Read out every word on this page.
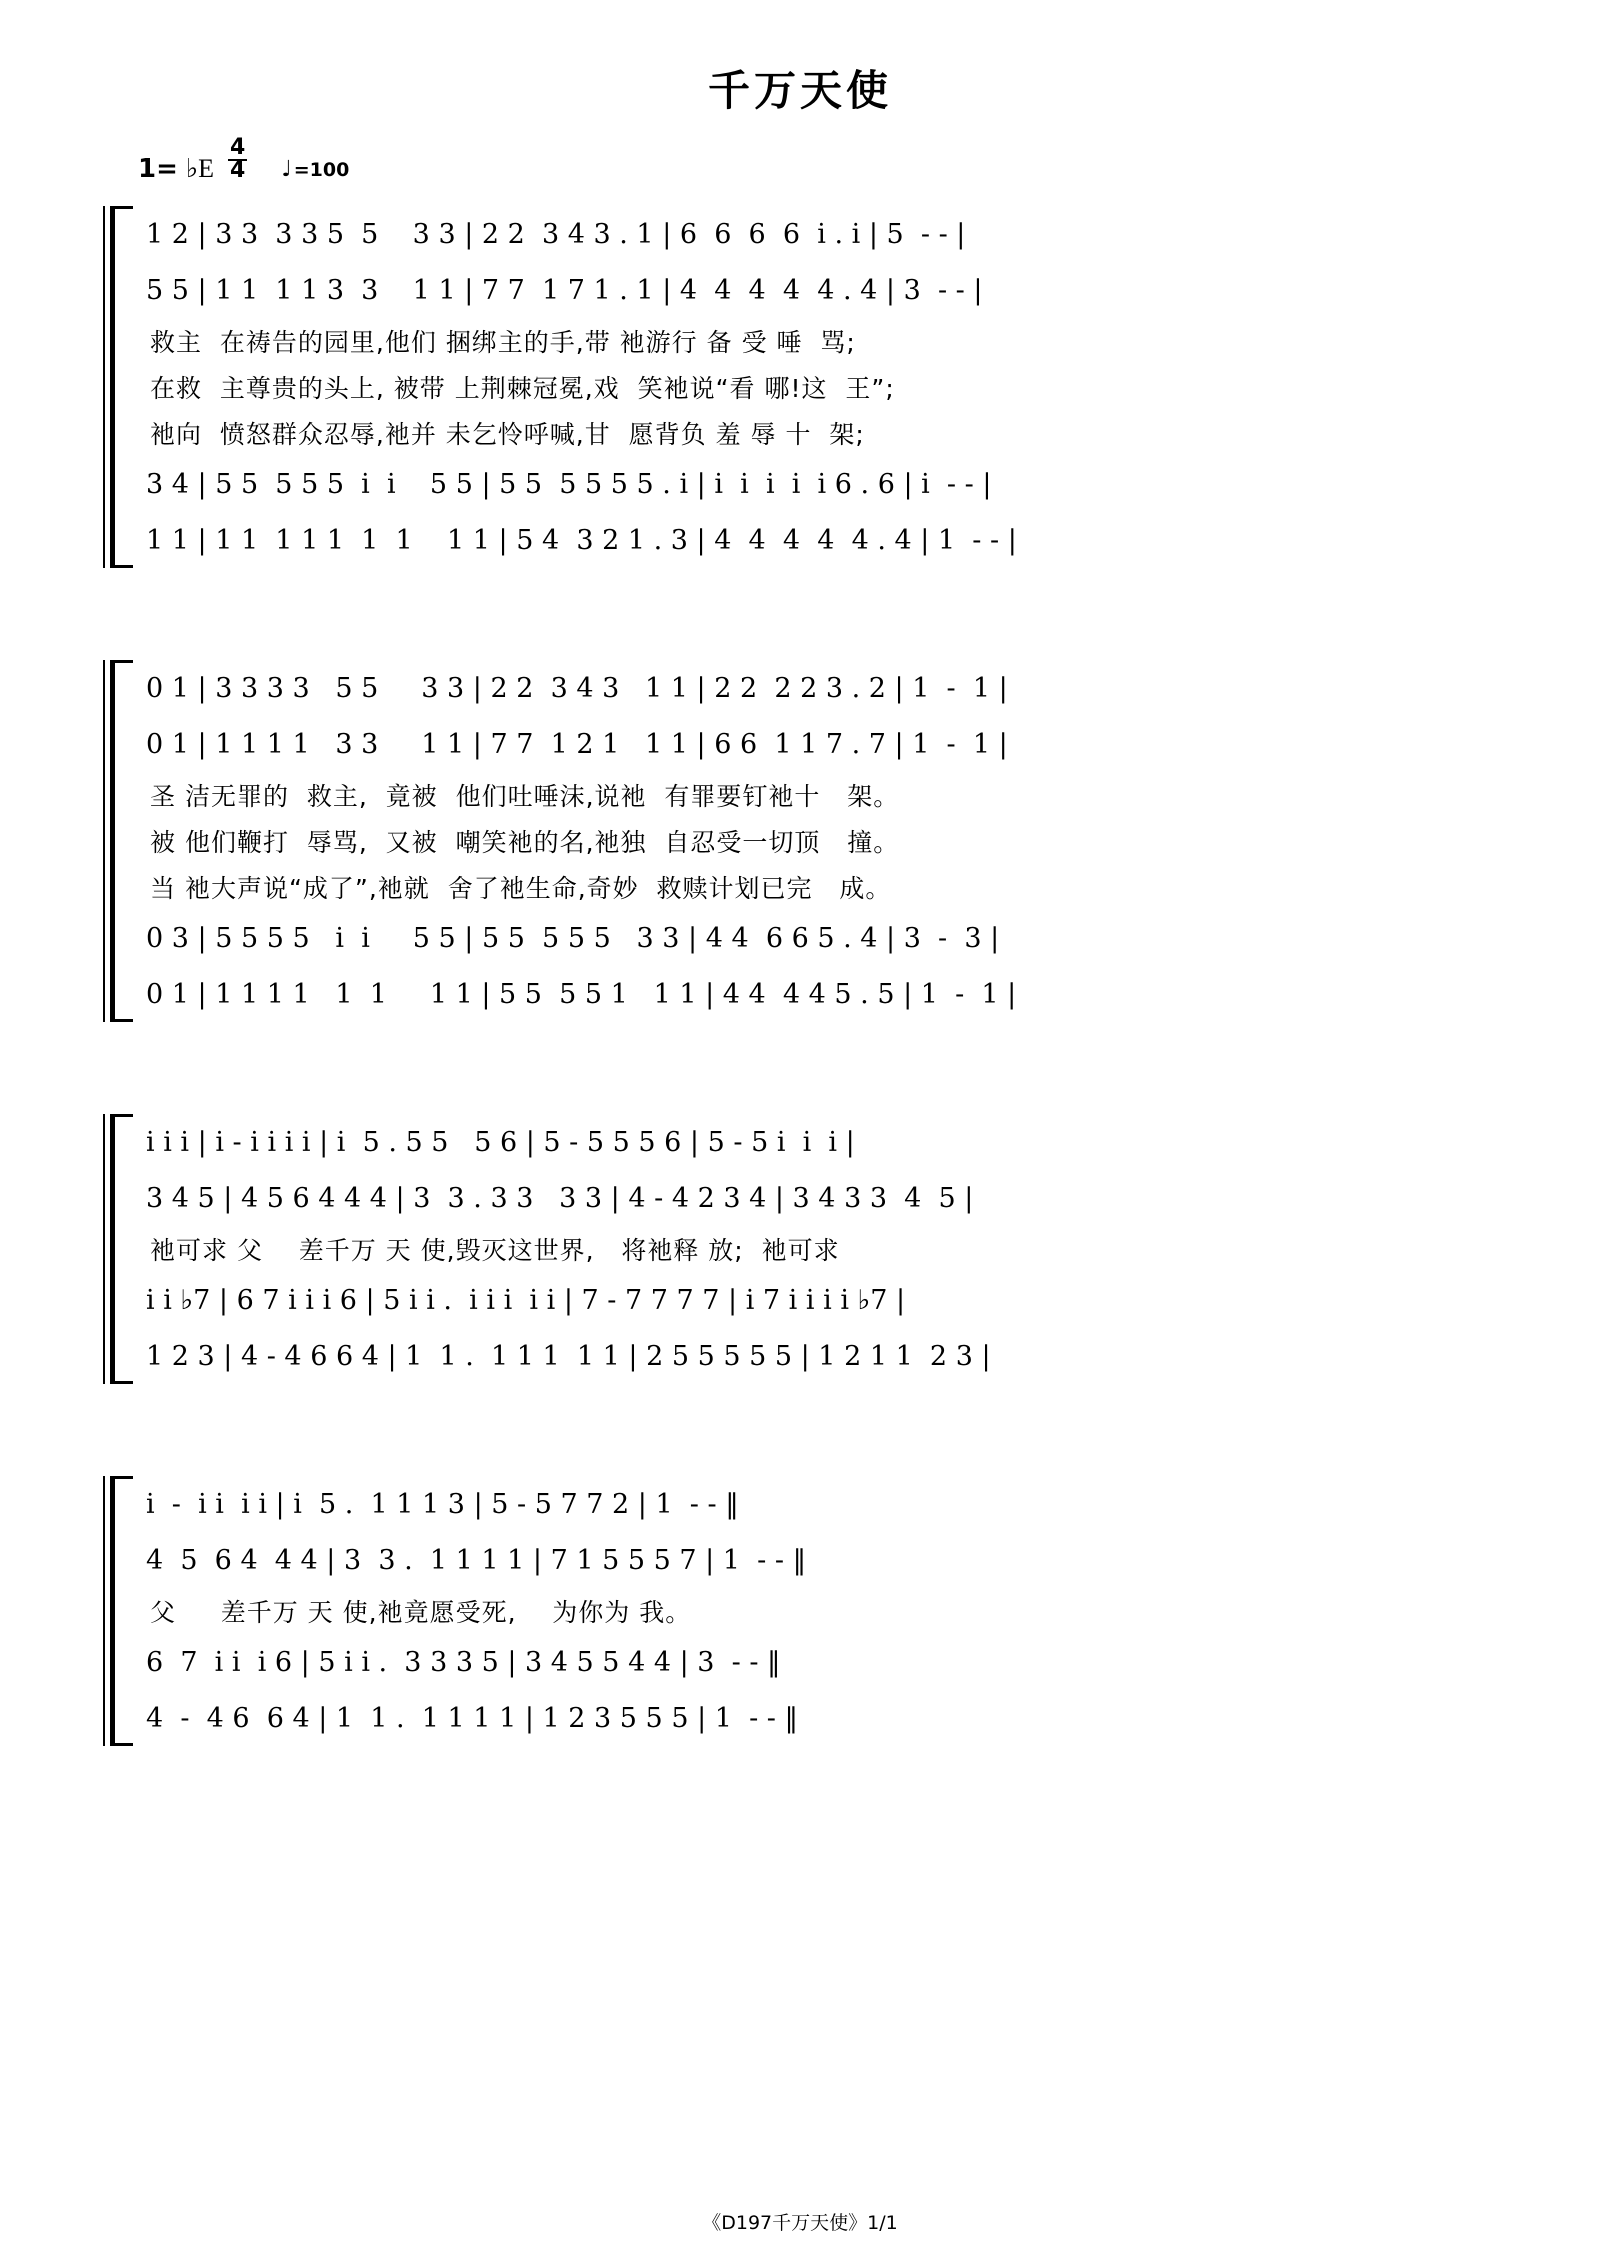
千万天使
1= ♭E $\frac{4}{4}$ ♩ =100
1 2 | 3 3  3 3 5  5    3 3 | 2 2  3 4 3 . 1 | 6  6  6  6  i . i | 5  - - |
5 5 | 1 1  1 1 3  3    1 1 | 7 7  1 7 1 . 1 | 4  4  4  4  4 . 4 | 3  - - |
救主  在祷告的园里,他们 捆绑主的手,带 衪游行 备 受 唾  骂;
在救  主尊贵的头上, 被带 上荆棘冠冕,戏  笑衪说“看 哪!这  王”;
衪向  愤怒群众忍辱,衪并 未乞怜呼喊,甘  愿背负 羞 辱 十  架;
3 4 | 5 5  5 5 5  i  i    5 5 | 5 5  5 5 5 5 . i | i  i  i  i  i 6 . 6 | i  - - |
1 1 | 1 1  1 1 1  1  1    1 1 | 5 4  3 2 1 . 3 | 4  4  4  4  4 . 4 | 1  - - |
0 1 | 3 3 3 3   5 5     3 3 | 2 2  3 4 3   1 1 | 2 2  2 2 3 . 2 | 1  -  1 |
0 1 | 1 1 1 1   3 3     1 1 | 7 7  1 2 1   1 1 | 6 6  1 1 7 . 7 | 1  -  1 |
圣 洁无罪的  救主,  竟被  他们吐唾沫,说衪  有罪要钉衪十   架。
被 他们鞭打  辱骂,  又被  嘲笑衪的名,衪独  自忍受一切顶   撞。
当 衪大声说“成了”,衪就  舍了衪生命,奇妙  救赎计划已完   成。
0 3 | 5 5 5 5   i  i     5 5 | 5 5  5 5 5   3 3 | 4 4  6 6 5 . 4 | 3  -  3 |
0 1 | 1 1 1 1   1  1     1 1 | 5 5  5 5 1   1 1 | 4 4  4 4 5 . 5 | 1  -  1 |
i i i | i - i i i i | i  5 . 5 5   5 6 | 5 - 5 5 5 6 | 5 - 5 i  i  i |
3 4 5 | 4 5 6 4 4 4 | 3  3 . 3 3   3 3 | 4 - 4 2 3 4 | 3 4 3 3  4  5 |
衪可求 父    差千万 天 使,毁灭这世界,   将衪释 放;  衪可求
i i ♭7 | 6 7 i i i 6 | 5 i i .  i i i  i i | 7 - 7 7 7 7 | i 7 i i i i ♭7 |
1 2 3 | 4 - 4 6 6 4 | 1  1 .  1 1 1  1 1 | 2 5 5 5 5 5 | 1 2 1 1  2 3 |
i  -  i i  i i | i  5 .  1 1 1 3 | 5 - 5 7 7 2 | 1  - - ‖
4  5  6 4  4 4 | 3  3 .  1 1 1 1 | 7 1 5 5 5 7 | 1  - - ‖
父     差千万 天 使,衪竟愿受死,    为你为 我。
6  7  i i  i 6 | 5 i i .  3 3 3 5 | 3 4 5 5 4 4 | 3  - - ‖
4  -  4 6  6 4 | 1  1 .  1 1 1 1 | 1 2 3 5 5 5 | 1  - - ‖
《D197千万天使》1/1
